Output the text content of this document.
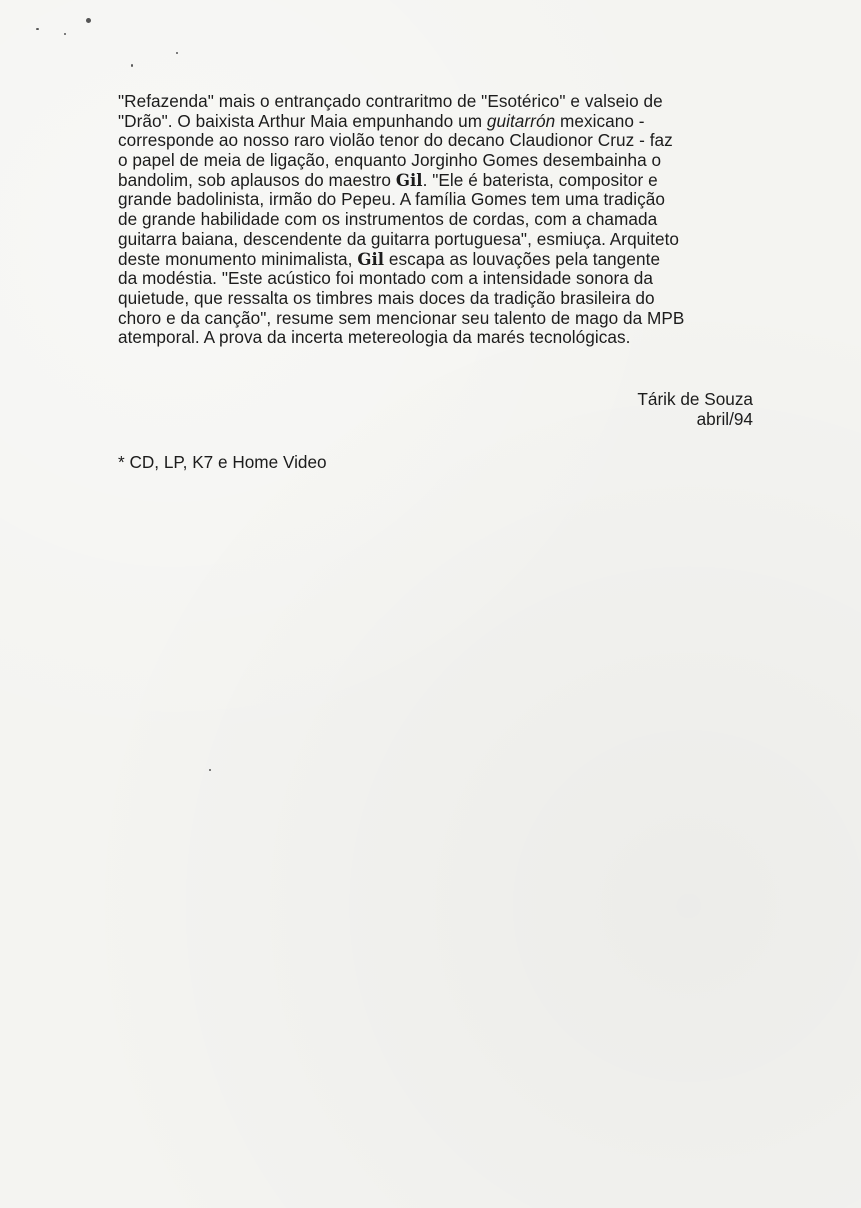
"Refazenda" mais o entrançado contraritmo de "Esotérico" e valseio de
"Drão". O baixista Arthur Maia empunhando um guitarrón mexicano -
corresponde ao nosso raro violão tenor do decano Claudionor Cruz - faz
o papel de meia de ligação, enquanto Jorginho Gomes desembainha o
bandolim, sob aplausos do maestro Gil. "Ele é baterista, compositor e
grande badolinista, irmão do Pepeu. A família Gomes tem uma tradição
de grande habilidade com os instrumentos de cordas, com a chamada
guitarra baiana, descendente da guitarra portuguesa", esmiuça. Arquiteto
deste monumento minimalista, Gil escapa as louvações pela tangente
da modéstia. "Este acústico foi montado com a intensidade sonora da
quietude, que ressalta os timbres mais doces da tradição brasileira do
choro e da canção", resume sem mencionar seu talento de mago da MPB
atemporal. A prova da incerta metereologia da marés tecnológicas.
Tárik de Souza
abril/94
* CD, LP, K7 e Home Video
